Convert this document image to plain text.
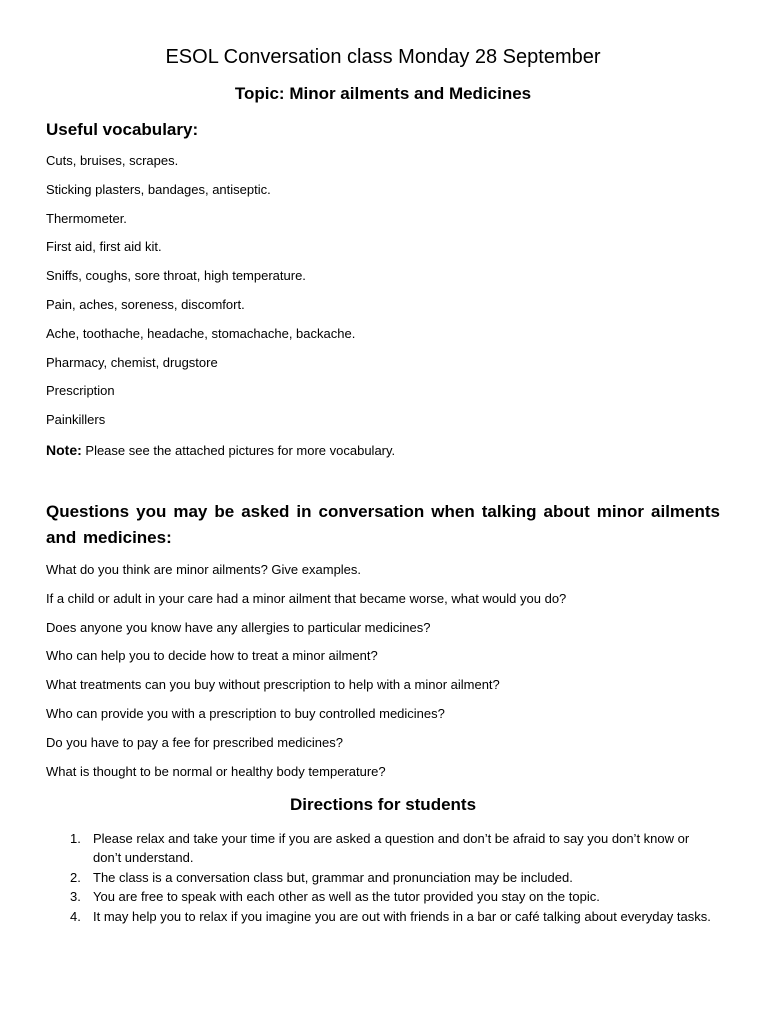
ESOL Conversation class Monday 28 September
Topic: Minor ailments and Medicines
Useful vocabulary:
Cuts, bruises, scrapes.
Sticking plasters, bandages, antiseptic.
Thermometer.
First aid, first aid kit.
Sniffs, coughs, sore throat, high temperature.
Pain, aches, soreness, discomfort.
Ache, toothache, headache, stomachache, backache.
Pharmacy, chemist, drugstore
Prescription
Painkillers
Note: Please see the attached pictures for more vocabulary.
Questions you may be asked in conversation when talking about minor ailments and medicines:
What do you think are minor ailments? Give examples.
If a child or adult in your care had a minor ailment that became worse, what would you do?
Does anyone you know have any allergies to particular medicines?
Who can help you to decide how to treat a minor ailment?
What treatments can you buy without prescription to help with a minor ailment?
Who can provide you with a prescription to buy controlled medicines?
Do you have to pay a fee for prescribed medicines?
What is thought to be normal or healthy body temperature?
Directions for students
1. Please relax and take your time if you are asked a question and don’t be afraid to say you don’t know or don’t understand.
2. The class is a conversation class but, grammar and pronunciation may be included.
3. You are free to speak with each other as well as the tutor provided you stay on the topic.
4. It may help you to relax if you imagine you are out with friends in a bar or café talking about everyday tasks.
